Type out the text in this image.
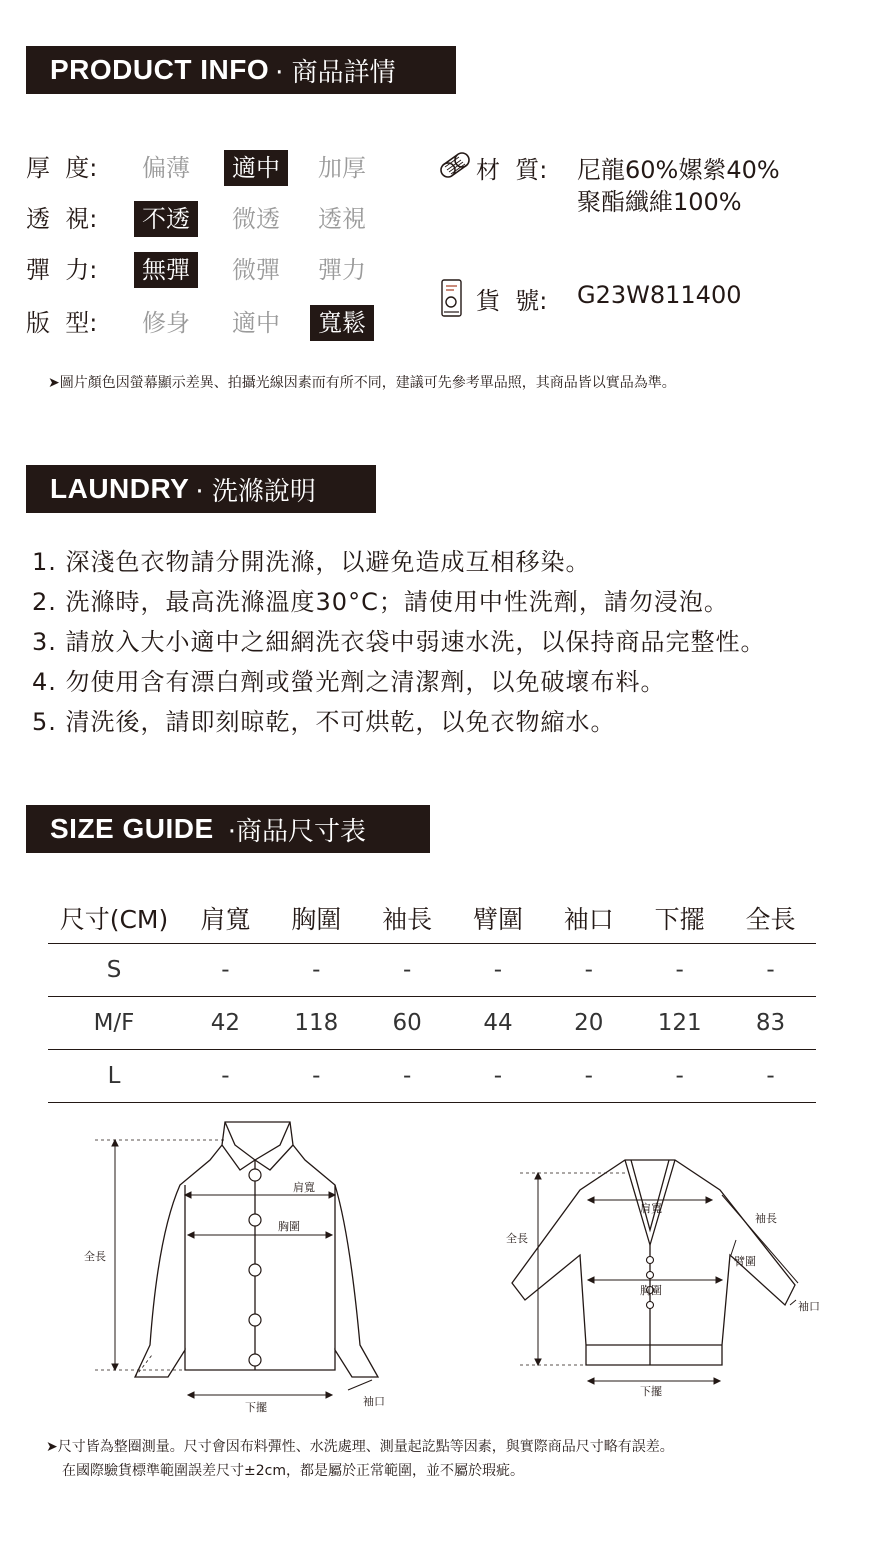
PRODUCT INFO · 商品詳情
厚  度: 偏薄	適中	加厚
透  視:	不透	微透 透視
彈  力:	無彈	微彈 彈力
版  型: 修身 適中	寬鬆
材  質: 尼龍60%嫘縈40%
聚酯纖維100%
貨  號: G23W811400
➤圖片顏色因螢幕顯示差異、拍攝光線因素而有所不同，建議可先參考單品照，其商品皆以實品為準。
LAUNDRY · 洗滌說明
1. 深淺色衣物請分開洗滌，以避免造成互相移染。
2. 洗滌時，最高洗滌溫度30°C；請使用中性洗劑，請勿浸泡。
3. 請放入大小適中之細網洗衣袋中弱速水洗，以保持商品完整性。
4. 勿使用含有漂白劑或螢光劑之清潔劑，以免破壞布料。
5. 清洗後，請即刻晾乾，不可烘乾，以免衣物縮水。
SIZE GUIDE ·商品尺寸表
尺寸(CM)	肩寬	胸圍	袖長	臂圍	袖口	下擺	全長
S	-	-	-	-	-	-	-
M/F	42	118	60	44	20	121	83
L	-	-	-	-	-	-	-
肩寬
胸圍
全長
下擺	袖口
肩寬
袖長
臂圍
全長
胸圍
下擺
袖口
➤尺寸皆為整圈測量。尺寸會因布料彈性、水洗處理、測量起訖點等因素，與實際商品尺寸略有誤差。
在國際驗貨標準範圍誤差尺寸±2cm，都是屬於正常範圍，並不屬於瑕疵。
